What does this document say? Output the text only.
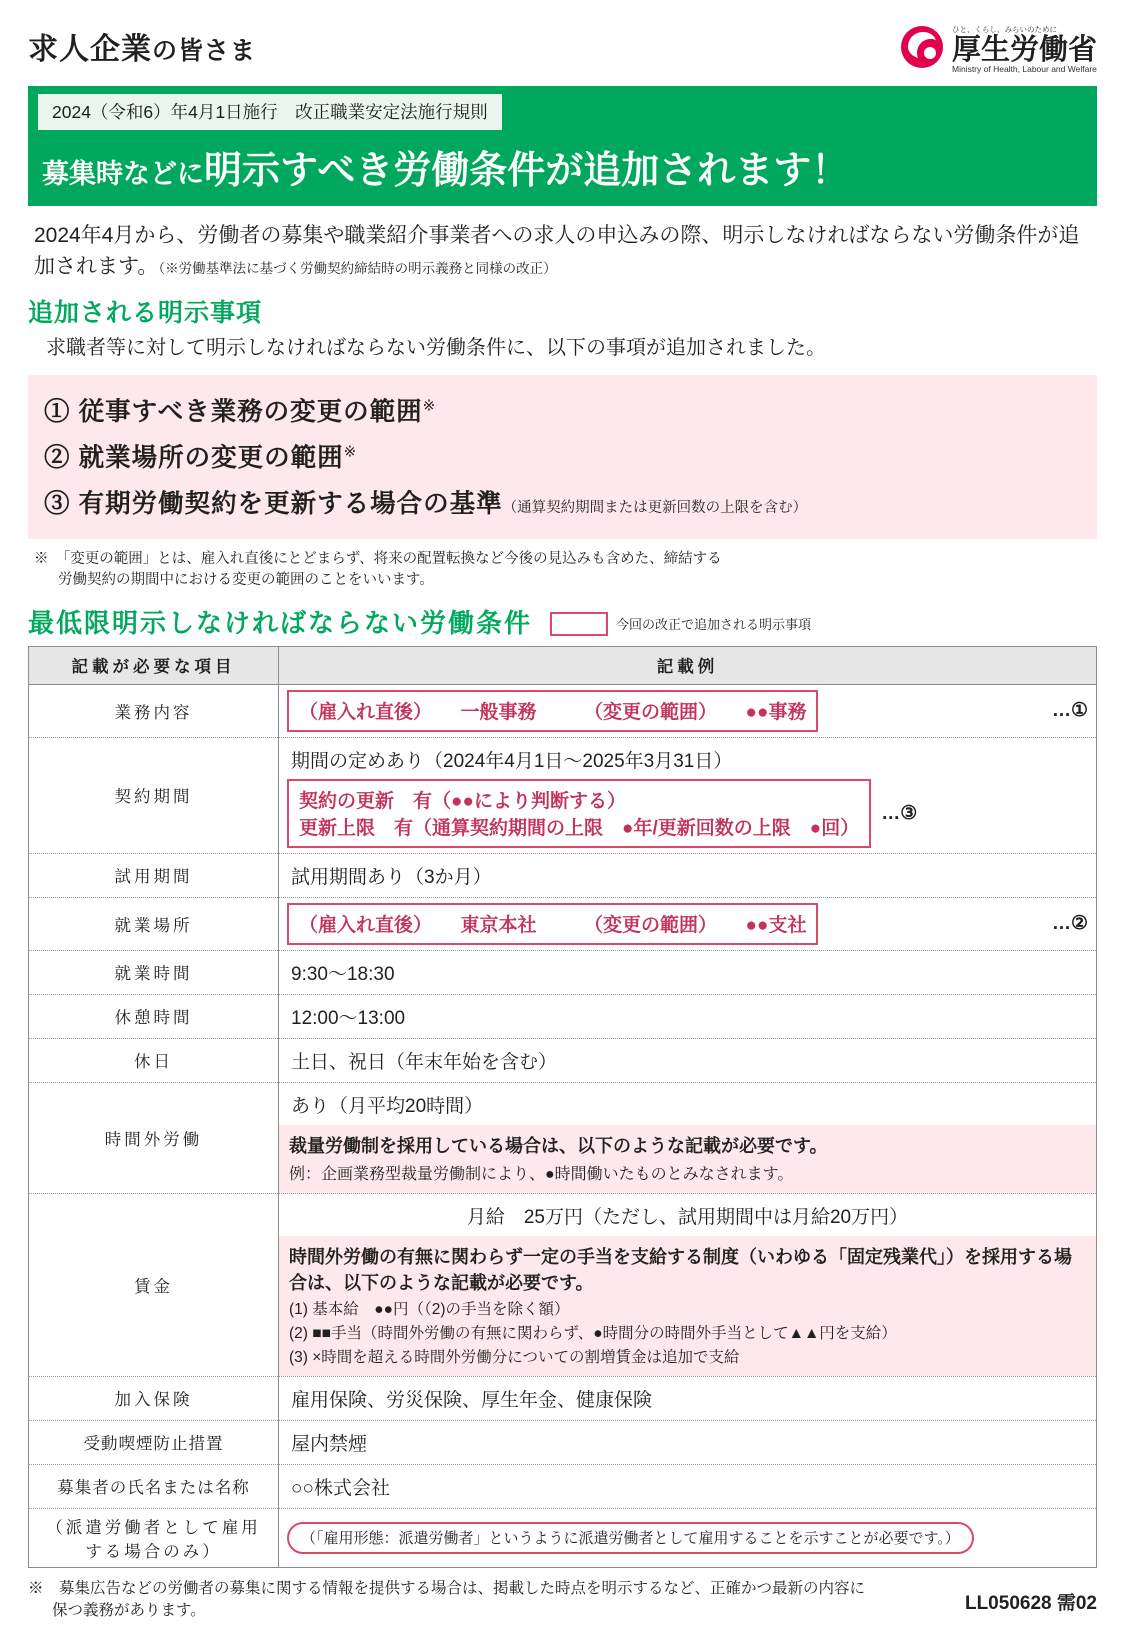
求人企業の皆さま
ひと、くらし、みらいのために
厚生労働省
Ministry of Health, Labour and Welfare
2024（令和6）年4月1日施行　改正職業安定法施行規則
募集時などに明示すべき労働条件が追加されます！
2024年4月から、労働者の募集や職業紹介事業者への求人の申込みの際、明示しなければならない労働条件が追加されます。（※労働基準法に基づく労働契約締結時の明示義務と同様の改正）
追加される明示事項
求職者等に対して明示しなければならない労働条件に、以下の事項が追加されました。
① 従事すべき業務の変更の範囲※
② 就業場所の変更の範囲※
③ 有期労働契約を更新する場合の基準（通算契約期間または更新回数の上限を含む）
※　「変更の範囲」とは、雇入れ直後にとどまらず、将来の配置転換など今後の見込みも含めた、締結する
労働契約の期間中における変更の範囲のことをいいます。
最低限明示しなければならない労働条件	今回の改正で追加される明示事項
記載が必要な項目	記載例
業務内容	（雇入れ直後）　　一般事務　　　（変更の範囲）　　●●事務 …①

契約期間	期間の定めあり（2024年4月1日～2025年3月31日）
契約の更新　有（●●により判断する）
更新上限　有（通算契約期間の上限　●年/更新回数の上限　●回）
…③

試用期間	試用期間あり（3か月）

就業場所	（雇入れ直後）　　東京本社　　　（変更の範囲）　　●●支社 …②

就業時間	9:30～18:30

休憩時間	12:00～13:00

休日	土日、祝日（年末年始を含む）

時間外労働	あり（月平均20時間）
裁量労働制を採用している場合は、以下のような記載が必要です。
例：企画業務型裁量労働制により、●時間働いたものとみなされます。

賃金	月給　25万円（ただし、試用期間中は月給20万円）
時間外労働の有無に関わらず一定の手当を支給する制度（いわゆる「固定残業代」）を採用する場合は、以下のような記載が必要です。
(1) 基本給　●●円（（2)の手当を除く額）
(2) ■■手当（時間外労働の有無に関わらず、●時間分の時間外手当として▲▲円を支給）
(3) ×時間を超える時間外労働分についての割増賃金は追加で支給

加入保険	雇用保険、労災保険、厚生年金、健康保険

受動喫煙防止措置	屋内禁煙

募集者の氏名または名称	○○株式会社

（派遣労働者として雇用する場合のみ）	（「雇用形態：派遣労働者」というように派遣労働者として雇用することを示すことが必要です。）
※　募集広告などの労働者の募集に関する情報を提供する場合は、掲載した時点を明示するなど、正確かつ最新の内容に
保つ義務があります。	LL050628 需02
